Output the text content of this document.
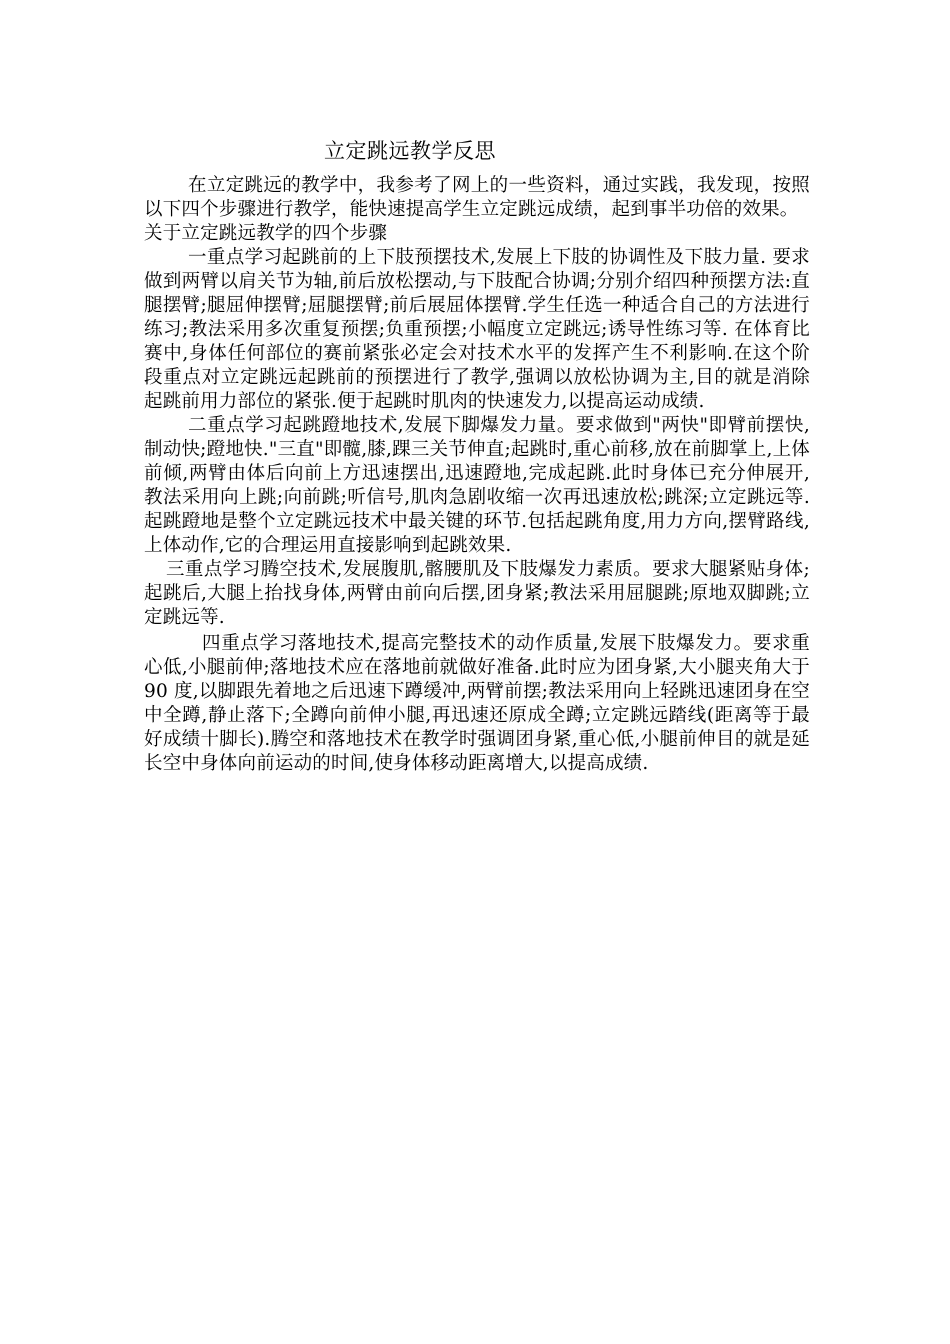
立定跳远教学反思

在立定跳远的教学中，我参考了网上的一些资料，通过实践，我发现，按照以下四个步骤进行教学，能快速提高学生立定跳远成绩，起到事半功倍的效果。

关于立定跳远教学的四个步骤

一重点学习起跳前的上下肢预摆技术,发展上下肢的协调性及下肢力量. 要求做到两臂以肩关节为轴,前后放松摆动,与下肢配合协调;分别介绍四种预摆方法:直腿摆臂;腿屈伸摆臂;屈腿摆臂;前后展屈体摆臂.学生任选一种适合自己的方法进行练习;教法采用多次重复预摆;负重预摆;小幅度立定跳远;诱导性练习等. 在体育比赛中,身体任何部位的赛前紧张必定会对技术水平的发挥产生不利影响.在这个阶段重点对立定跳远起跳前的预摆进行了教学,强调以放松协调为主,目的就是消除起跳前用力部位的紧张.便于起跳时肌肉的快速发力,以提高运动成绩.

二重点学习起跳蹬地技术,发展下脚爆发力量。要求做到"两快"即臂前摆快,制动快;蹬地快."三直"即髋,膝,踝三关节伸直;起跳时,重心前移,放在前脚掌上,上体前倾,两臂由体后向前上方迅速摆出,迅速蹬地,完成起跳.此时身体已充分伸展开,教法采用向上跳;向前跳;听信号,肌肉急剧收缩一次再迅速放松;跳深;立定跳远等.起跳蹬地是整个立定跳远技术中最关键的环节.包括起跳角度,用力方向,摆臂路线,上体动作,它的合理运用直接影响到起跳效果.

三重点学习腾空技术,发展腹肌,髂腰肌及下肢爆发力素质。要求大腿紧贴身体;起跳后,大腿上抬找身体,两臂由前向后摆,团身紧;教法采用屈腿跳;原地双脚跳;立定跳远等.

四重点学习落地技术,提高完整技术的动作质量,发展下肢爆发力。要求重心低,小腿前伸;落地技术应在落地前就做好准备.此时应为团身紧,大小腿夹角大于 90 度,以脚跟先着地之后迅速下蹲缓冲,两臂前摆;教法采用向上轻跳迅速团身在空中全蹲,静止落下;全蹲向前伸小腿,再迅速还原成全蹲;立定跳远踏线(距离等于最好成绩十脚长).腾空和落地技术在教学时强调团身紧,重心低,小腿前伸目的就是延长空中身体向前运动的时间,使身体移动距离增大,以提高成绩.
